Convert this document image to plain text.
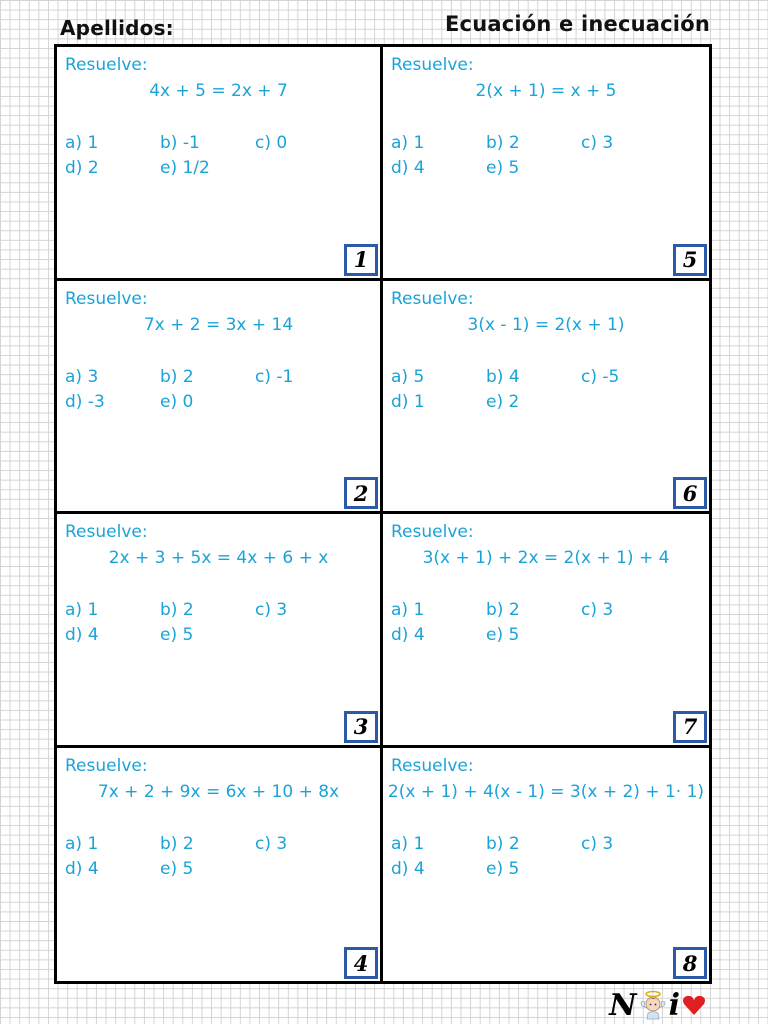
Apellidos:	Ecuación e inecuación
Resuelve:
4x + 5 = 2x + 7
a) 1	b) -1	c) 0
d) 2	e) 1/2
1
Resuelve:
2(x + 1) = x + 5
a) 1	b) 2	c) 3
d) 4	e) 5
5
Resuelve:
7x + 2 = 3x + 14
a) 3	b) 2	c) -1
d) -3	e) 0
2
Resuelve:
3(x - 1) = 2(x + 1)
a) 5	b) 4	c) -5
d) 1	e) 2
6
Resuelve:
2x + 3 + 5x = 4x + 6 + x
a) 1	b) 2	c) 3
d) 4	e) 5
3
Resuelve:
3(x + 1) + 2x = 2(x + 1) + 4
a) 1	b) 2	c) 3
d) 4	e) 5
7
Resuelve:
7x + 2 + 9x = 6x + 10 + 8x
a) 1	b) 2	c) 3
d) 4	e) 5
4
Resuelve:
2(x + 1) + 4(x - 1) = 3(x + 2) + 1· 1)
a) 1	b) 2	c) 3
d) 4	e) 5
8
N i
